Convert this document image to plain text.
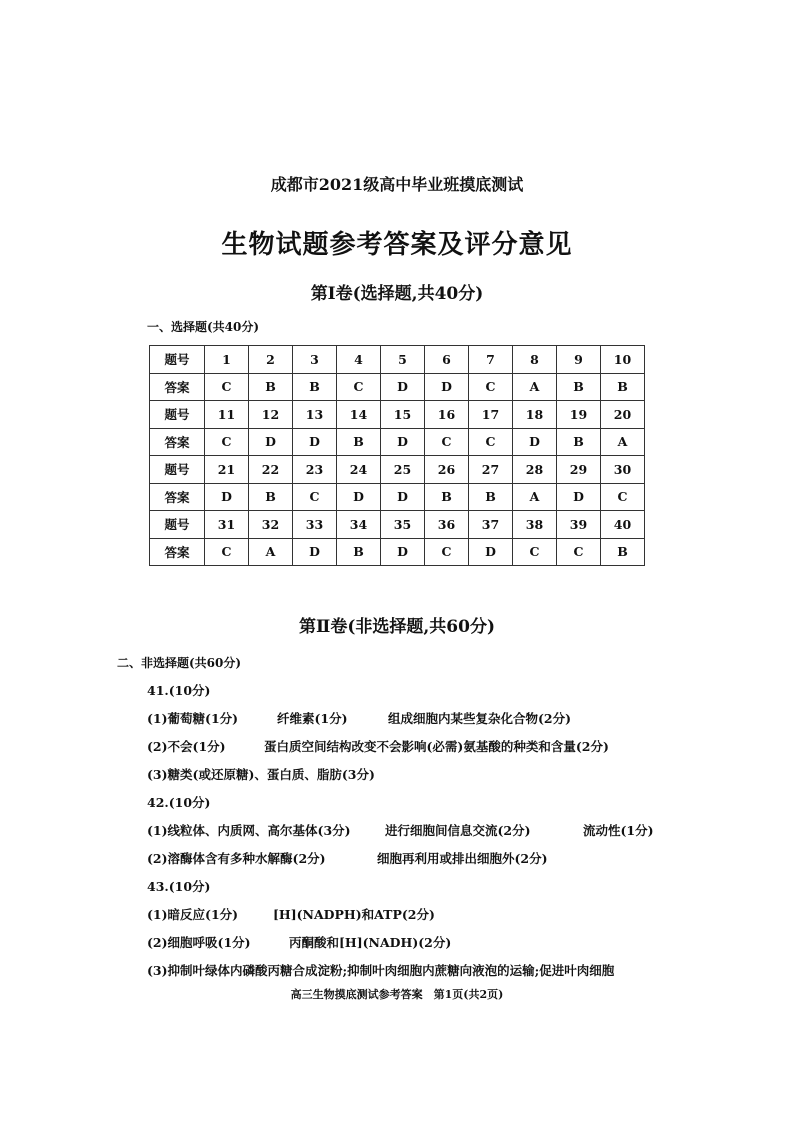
成都市2021级高中毕业班摸底测试
生物试题参考答案及评分意见
第Ⅰ卷(选择题,共40分)
一、选择题(共40分)
题号	1	2	3	4	5	6	7	8	9	10
答案	C	B	B	C	D	D	C	A	B	B
题号	11	12	13	14	15	16	17	18	19	20
答案	C	D	D	B	D	C	C	D	B	A
题号	21	22	23	24	25	26	27	28	29	30
答案	D	B	C	D	D	B	B	A	D	C
题号	31	32	33	34	35	36	37	38	39	40
答案	C	A	D	B	D	C	D	C	C	B
第Ⅱ卷(非选择题,共60分)
二、非选择题(共60分)
41.(10分)
(1)葡萄糖(1分)	纤维素(1分)	组成细胞内某些复杂化合物(2分)
(2)不会(1分)	蛋白质空间结构改变不会影响(必需)氨基酸的种类和含量(2分)
(3)糖类(或还原糖)、蛋白质、脂肪(3分)
42.(10分)
(1)线粒体、内质网、高尔基体(3分)	进行细胞间信息交流(2分)	流动性(1分)
(2)溶酶体含有多种水解酶(2分)	细胞再利用或排出细胞外(2分)
43.(10分)
(1)暗反应(1分)	[H](NADPH)和ATP(2分)
(2)细胞呼吸(1分)	丙酮酸和[H](NADH)(2分)
(3)抑制叶绿体内磷酸丙糖合成淀粉;抑制叶肉细胞内蔗糖向液泡的运输;促进叶肉细胞
高三生物摸底测试参考答案　第1页(共2页)
